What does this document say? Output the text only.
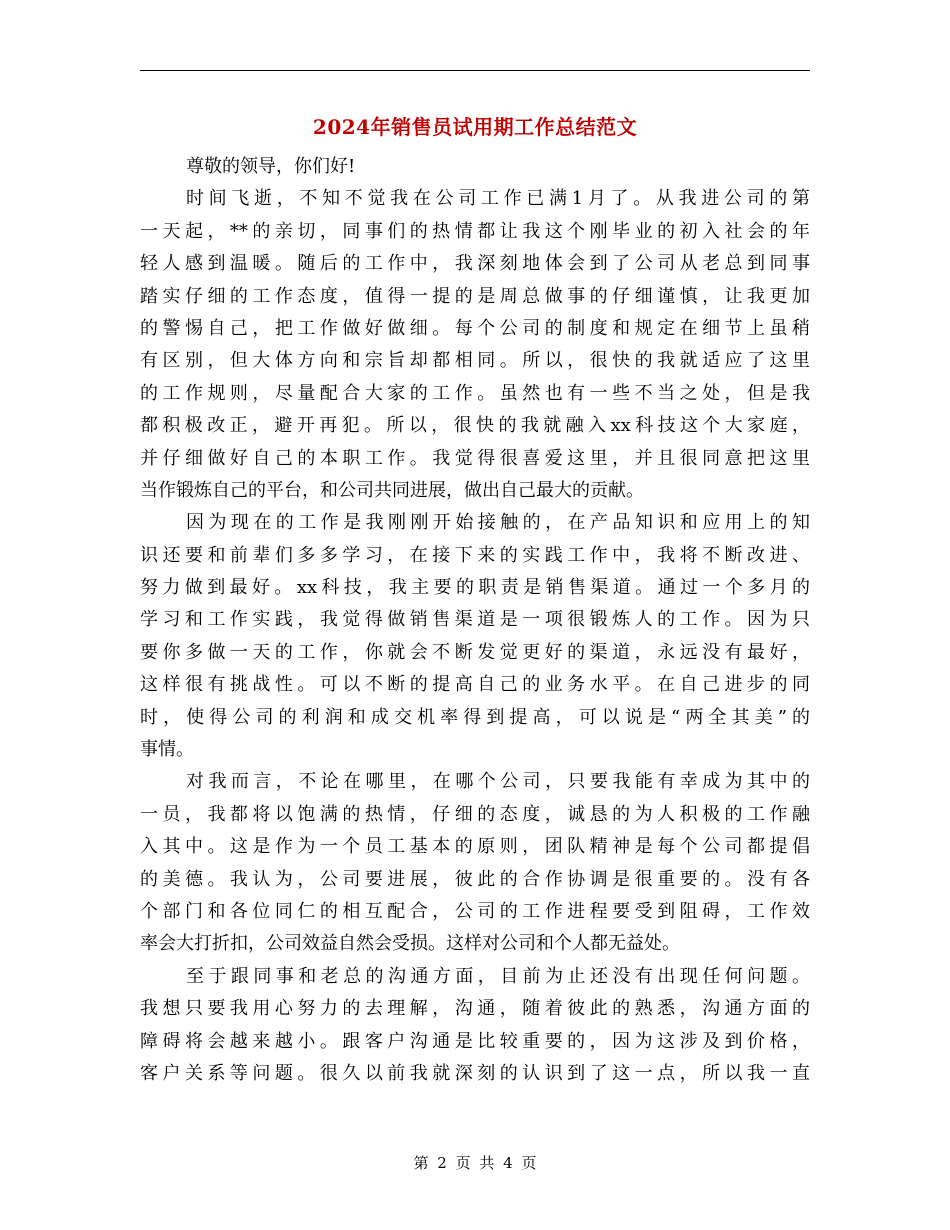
2024年销售员试用期工作总结范文
尊敬的领导，你们好!
时间飞逝，不知不觉我在公司工作已满1月了。从我进公司的第
一天起，**的亲切，同事们的热情都让我这个刚毕业的初入社会的年
轻人感到温暖。随后的工作中，我深刻地体会到了公司从老总到同事
踏实仔细的工作态度，值得一提的是周总做事的仔细谨慎，让我更加
的警惕自己，把工作做好做细。每个公司的制度和规定在细节上虽稍
有区别，但大体方向和宗旨却都相同。所以，很快的我就适应了这里
的工作规则，尽量配合大家的工作。虽然也有一些不当之处，但是我
都积极改正，避开再犯。所以，很快的我就融入xx科技这个大家庭，
并仔细做好自己的本职工作。我觉得很喜爱这里，并且很同意把这里
当作锻炼自己的平台，和公司共同进展，做出自己最大的贡献。
因为现在的工作是我刚刚开始接触的，在产品知识和应用上的知
识还要和前辈们多多学习，在接下来的实践工作中，我将不断改进、
努力做到最好。xx科技，我主要的职责是销售渠道。通过一个多月的
学习和工作实践，我觉得做销售渠道是一项很锻炼人的工作。因为只
要你多做一天的工作，你就会不断发觉更好的渠道，永远没有最好，
这样很有挑战性。可以不断的提高自己的业务水平。在自己进步的同
时，使得公司的利润和成交机率得到提高，可以说是“两全其美”的
事情。
对我而言，不论在哪里，在哪个公司，只要我能有幸成为其中的
一员，我都将以饱满的热情，仔细的态度，诚恳的为人积极的工作融
入其中。这是作为一个员工基本的原则，团队精神是每个公司都提倡
的美德。我认为，公司要进展，彼此的合作协调是很重要的。没有各
个部门和各位同仁的相互配合，公司的工作进程要受到阻碍，工作效
率会大打折扣，公司效益自然会受损。这样对公司和个人都无益处。
至于跟同事和老总的沟通方面，目前为止还没有出现任何问题。
我想只要我用心努力的去理解，沟通，随着彼此的熟悉，沟通方面的
障碍将会越来越小。跟客户沟通是比较重要的，因为这涉及到价格，
客户关系等问题。很久以前我就深刻的认识到了这一点，所以我一直
第 2 页 共 4 页
